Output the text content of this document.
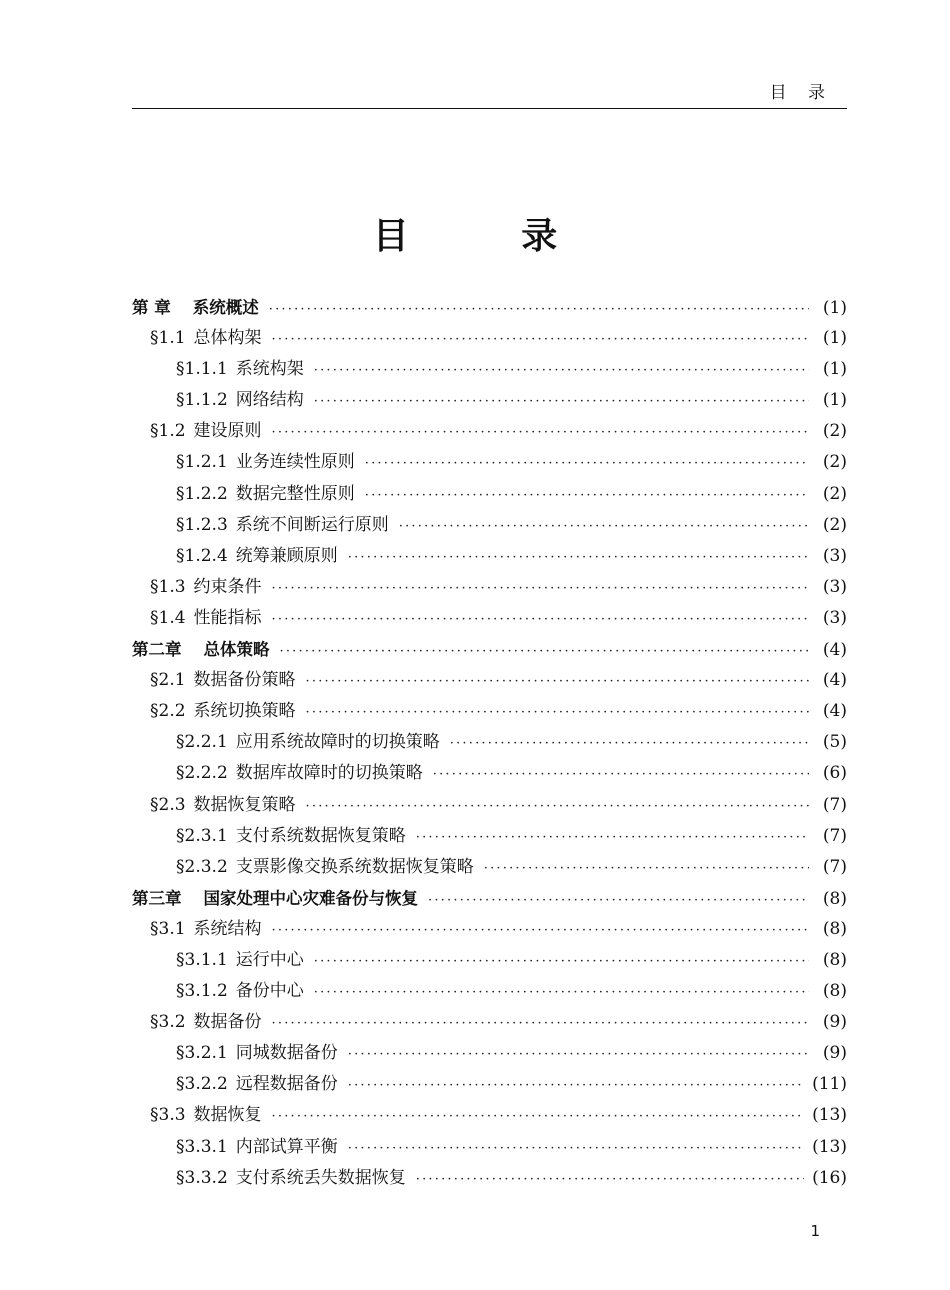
目 录
目 录
第 章 系统概述 ·····	(1)
§1.1 总体构架 ·····	(1)
§1.1.1 系统构架 ·····	(1)
§1.1.2 网络结构 ·····	(1)
§1.2 建设原则 ·····	(2)
§1.2.1 业务连续性原则 ·····	(2)
§1.2.2 数据完整性原则 ·····	(2)
§1.2.3 系统不间断运行原则 ·····	(2)
§1.2.4 统筹兼顾原则 ·····	(3)
§1.3 约束条件 ·····	(3)
§1.4 性能指标 ·····	(3)
第二章 总体策略 ·····	(4)
§2.1 数据备份策略 ·····	(4)
§2.2 系统切换策略 ·····	(4)
§2.2.1 应用系统故障时的切换策略 ·····	(5)
§2.2.2 数据库故障时的切换策略 ·····	(6)
§2.3 数据恢复策略 ·····	(7)
§2.3.1 支付系统数据恢复策略 ·····	(7)
§2.3.2 支票影像交换系统数据恢复策略 ·····	(7)
第三章 国家处理中心灾难备份与恢复 ·····	(8)
§3.1 系统结构 ·····	(8)
§3.1.1 运行中心 ·····	(8)
§3.1.2 备份中心 ·····	(8)
§3.2 数据备份 ·····	(9)
§3.2.1 同城数据备份 ·····	(9)
§3.2.2 远程数据备份 ·····	(11)
§3.3 数据恢复 ·····	(13)
§3.3.1 内部试算平衡 ·····	(13)
§3.3.2 支付系统丢失数据恢复 ·····	(16)
1
